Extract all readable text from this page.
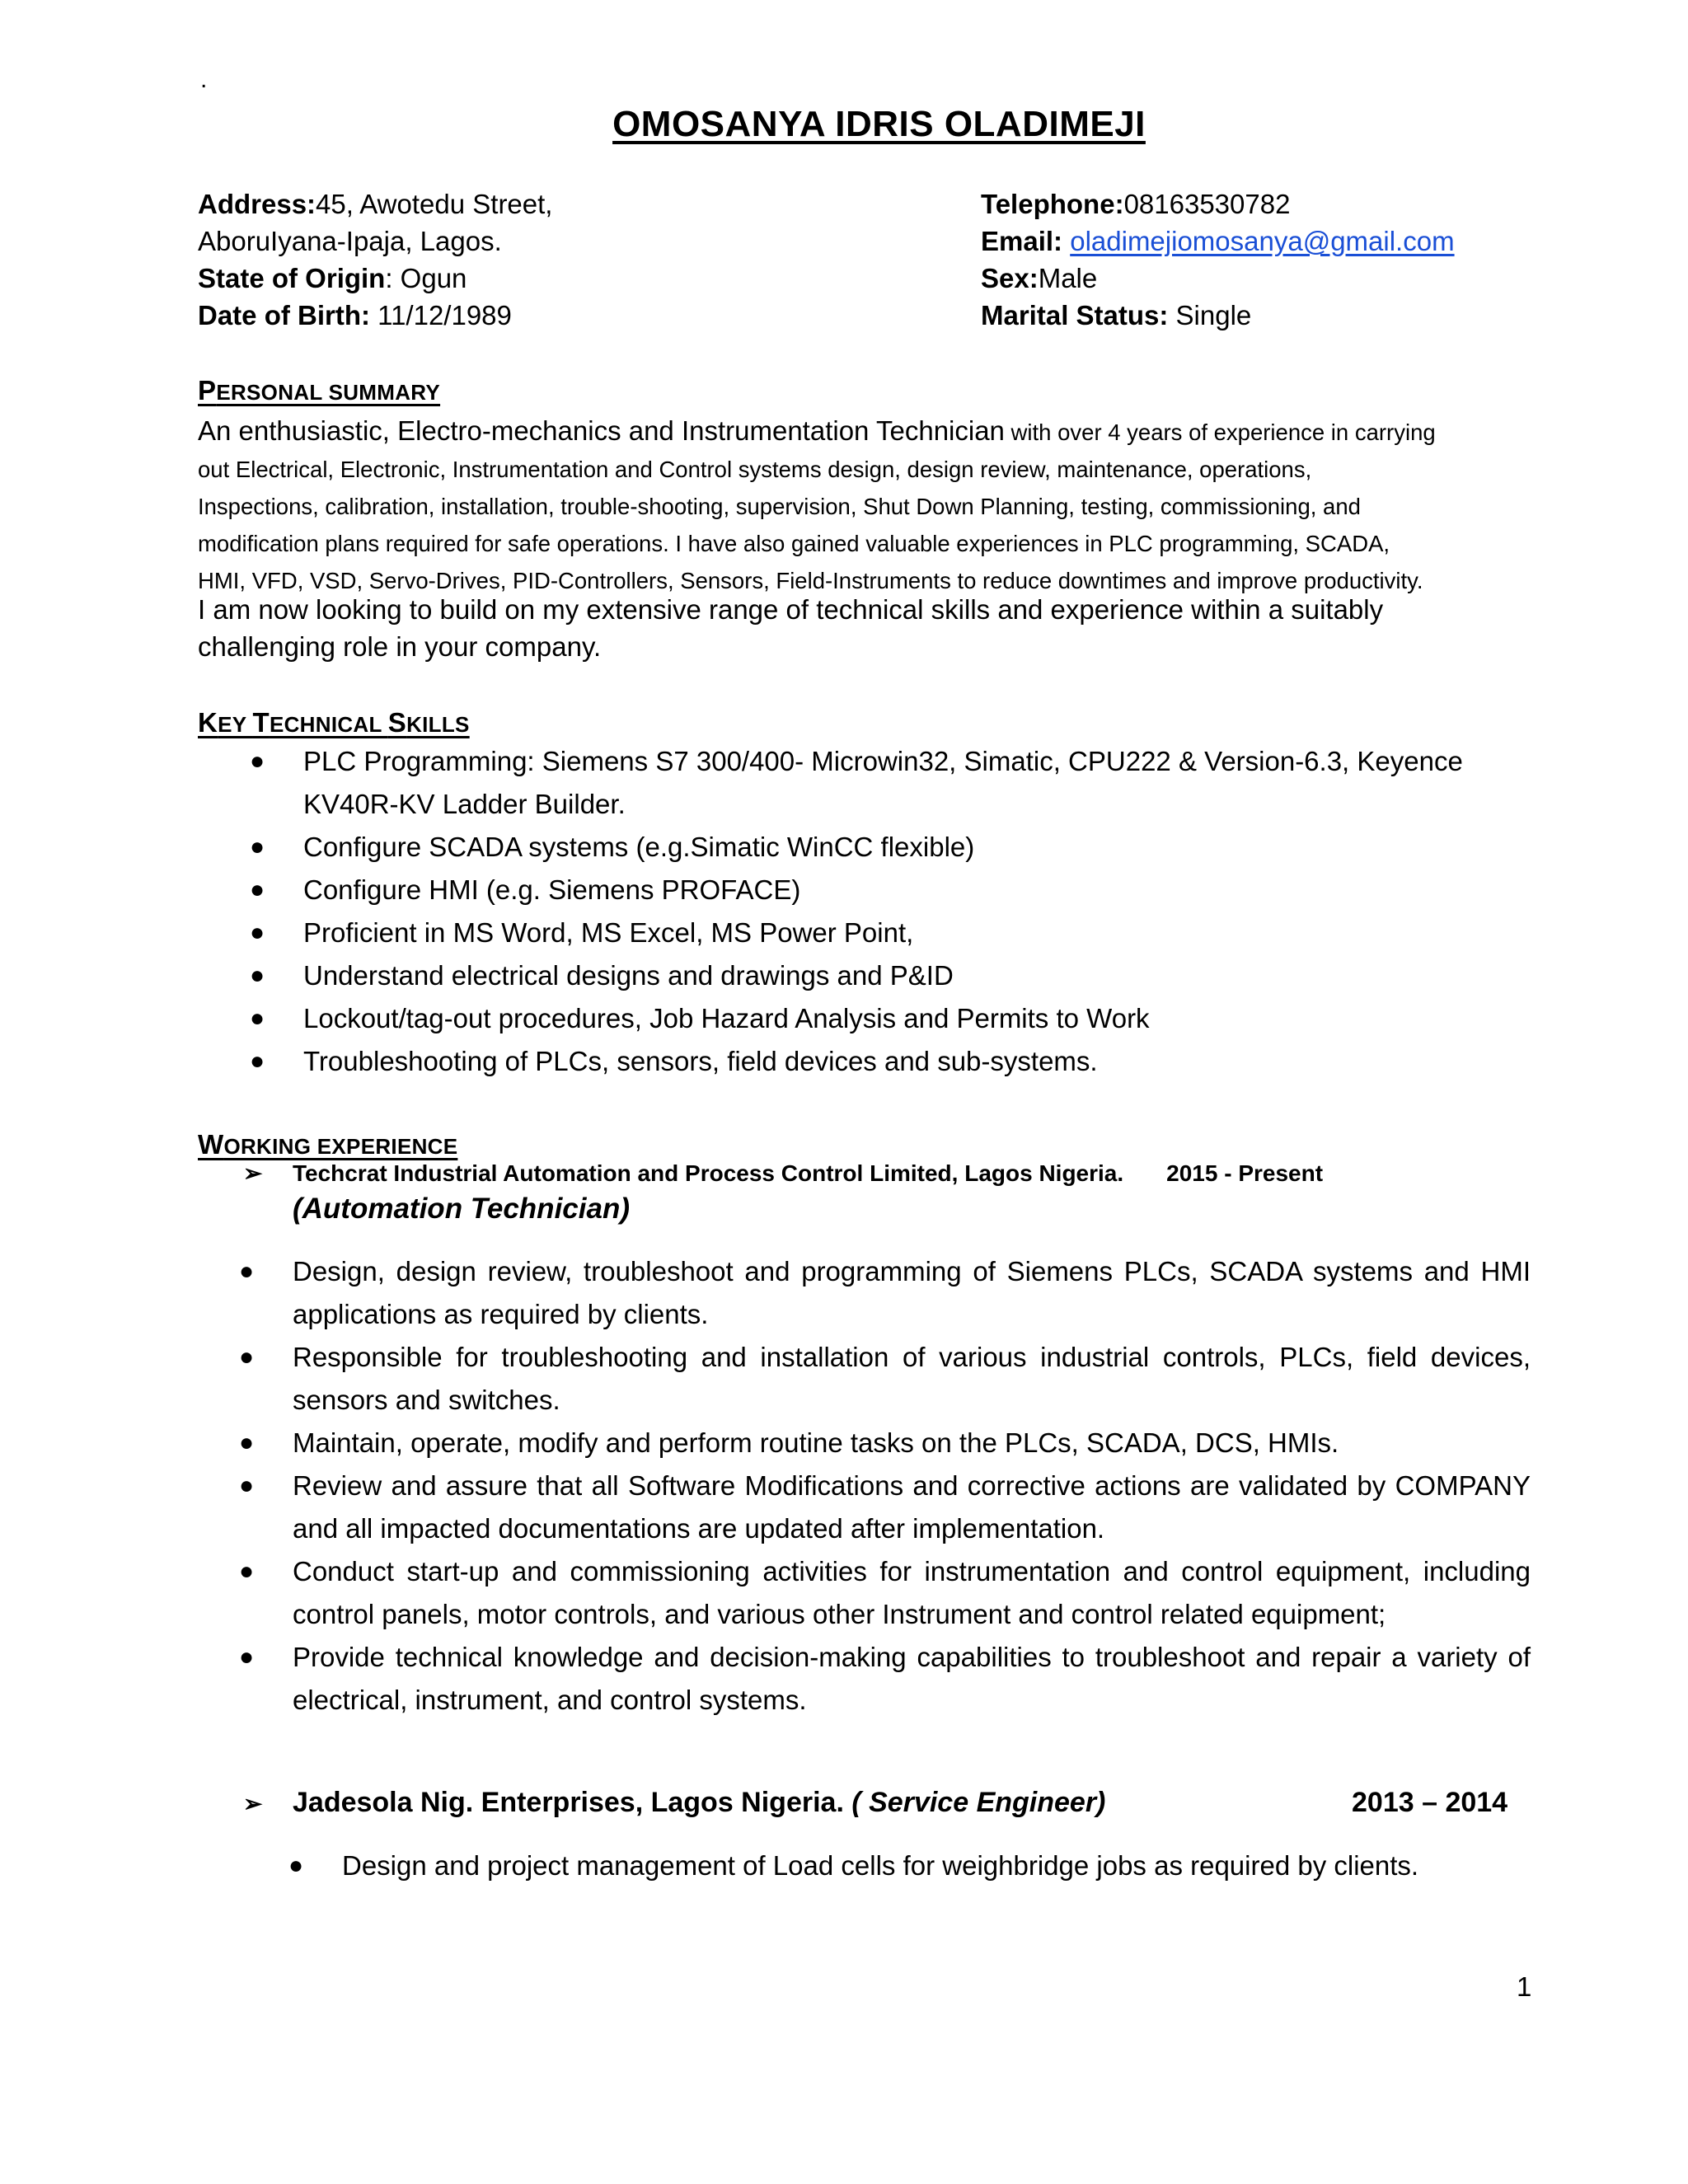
.
OMOSANYA IDRIS OLADIMEJI
Address:45, Awotedu Street,
AboruIyana-Ipaja, Lagos.
State of Origin: Ogun
Date of Birth: 11/12/1989
Telephone:08163530782
Email: oladimejiomosanya@gmail.com
Sex:Male
Marital Status: Single
PERSONAL SUMMARY
An enthusiastic, Electro-mechanics and Instrumentation Technician with over 4 years of experience in carrying
out Electrical, Electronic, Instrumentation and Control systems design, design review, maintenance, operations,
Inspections, calibration, installation, trouble-shooting, supervision, Shut Down Planning, testing, commissioning, and
modification plans required for safe operations. I have also gained valuable experiences in PLC programming, SCADA,
HMI, VFD, VSD, Servo-Drives, PID-Controllers, Sensors, Field-Instruments to reduce downtimes and improve productivity.
I am now looking to build on my extensive range of technical skills and experience within a suitably
challenging role in your company.
KEY TECHNICAL SKILLS
● PLC Programming: Siemens S7 300/400- Microwin32, Simatic, CPU222 & Version-6.3, Keyence KV40R-KV Ladder Builder.
● Configure SCADA systems (e.g.Simatic WinCC flexible)
● Configure HMI (e.g. Siemens PROFACE)
● Proficient in MS Word, MS Excel, MS Power Point,
● Understand electrical designs and drawings and P&ID
● Lockout/tag-out procedures, Job Hazard Analysis and Permits to Work
● Troubleshooting of PLCs, sensors, field devices and sub-systems.
WORKING EXPERIENCE
➢ Techcrat Industrial Automation and Process Control Limited, Lagos Nigeria. 2015 - Present
(Automation Technician)
● Design, design review, troubleshoot and programming of Siemens PLCs, SCADA systems and HMI applications as required by clients.
● Responsible for troubleshooting and installation of various industrial controls, PLCs, field devices, sensors and switches.
● Maintain, operate, modify and perform routine tasks on the PLCs, SCADA, DCS, HMIs.
● Review and assure that all Software Modifications and corrective actions are validated by COMPANY and all impacted documentations are updated after implementation.
● Conduct start-up and commissioning activities for instrumentation and control equipment, including control panels, motor controls, and various other Instrument and control related equipment;
● Provide technical knowledge and decision-making capabilities to troubleshoot and repair a variety of electrical, instrument, and control systems.
➢ Jadesola Nig. Enterprises, Lagos Nigeria. ( Service Engineer)	2013 – 2014
● Design and project management of Load cells for weighbridge jobs as required by clients.
1
